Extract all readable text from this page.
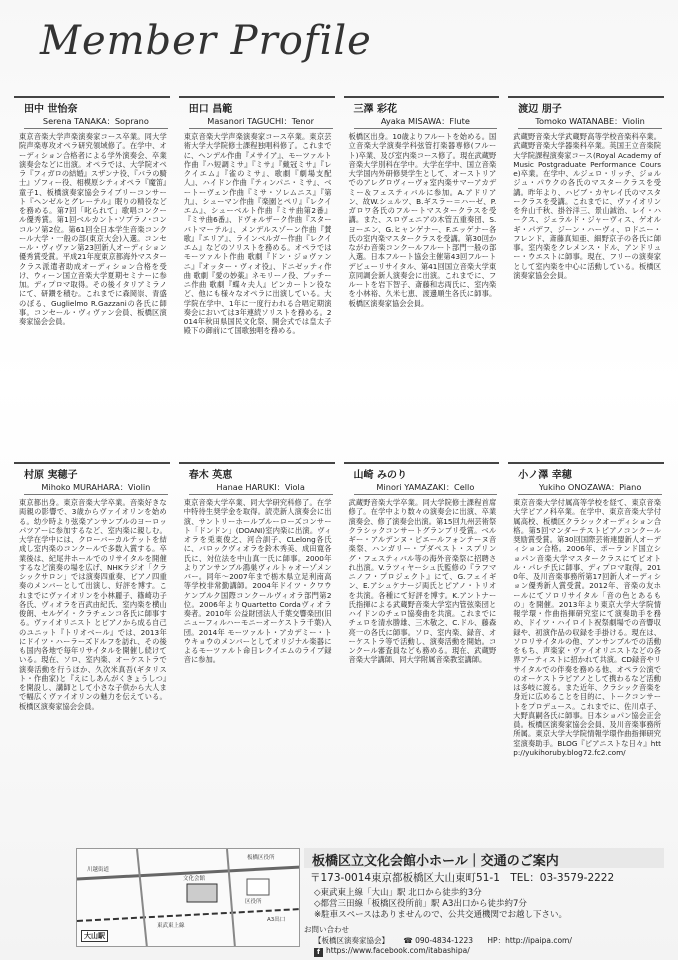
Member Profile
田中 世怡奈
Serena TANAKA：Soprano
東京音楽大学声楽演奏家コース卒業。同大学院声楽専攻オペラ研究領域修了。在学中、オーディション合格者による学外演奏会、卒業演奏会などに出演。オペラでは、大学院オペラ『フィガロの結婚』スザンナ役、『バラの騎士』ゾフィー役、相模原シティオペラ『魔笛』童子1、板橋演奏家協会ライブリーコンサート『ヘンゼルとグレーテル』眠りの精役などを務める。第7回「叱られて」歌唱コンクール優秀賞。第1回ベルカント･ソプラノ･コンコルソ第2位。第61回全日本学生音楽コンクール大学・一般の部(東京大会)入選。コンセール・ヴィヴァン第23回新人オーディション優秀賞受賞。平成21年度東京都海外マスタークラス派遣者助成オーディション合格を受け、ウィーン国立音楽大学夏期セミナーに参加。ディプロマ取得。その後イタリアミラノにて、研鑽を積む。これまでに森岡崇、青盛のぼる、Guglielmo R.Gazzaniの各氏に師事。コンセール・ヴィヴァン会員、板橋区演奏家協会会員。
田口 昌範
Masanori TAGUCHI：Tenor
東京音楽大学声楽演奏家コース卒業。東京芸術大学大学院修士課程独唱科修了。これまでに、ヘンデル作曲『メサイア』、モーツァルト作曲『ハ短調ミサ』『ミサ』『戴冠ミサ』『レクイエム』『雀のミサ』、歌劇『劇場支配人』、ハイドン作曲『ティンパニ・ミサ』、ベートーヴェン作曲『ミサ・ソレムニス』『第九』、シューマン作曲『楽園とペリ』『レクイエム』、シューベルト作曲『ミサ曲第2番』『ミサ曲6番』、ドヴォルザーク作曲『スターバトマーテル』、メンデルスゾーン作曲『賛歌』『エリア』、ラインベルガー作曲『レクイエム』などのソリストを務める。オペラではモーツァルト作曲 歌劇『ドン・ジョヴァンニ』『オッター・ヴィオ役』、ドニゼッティ作曲 歌劇『愛の妙薬』ネモリーノ役、プッチーニ作曲 歌劇『蝶々夫人』ピンカートン役など、他にも様々なオペラに出演している。大学院在学中、1年に一度行われる合唱定期演奏会においては3年連続ソリストを務める。2014年秋田県国民文化祭、開会式では皇太子殿下の御前にて国歌独唱を務める。
三澤 彩花
Ayaka MISAWA：Flute
板橋区出身。10歳よりフルートを始める。国立音楽大学演奏学科弦管打楽器専修(フルート)卒業、及び室内楽コース修了。現在武蔵野音楽大学別科在学中。大学在学中、国立音楽大学国内外研修奨学生として、オーストリアでのアレグロヴィーヴォ室内楽サマーアカデミー＆フェスティバルに参加。A.アドリアン、故W.シュルツ、B.ギスラー＝ハーゼ、P.ガロワ各氏のフルートマスタークラスを受講。また、スロヴェニアの木管五重奏団、S.ヨーエン、G.ヒャンゲナー、F.エッゲナー各氏の室内楽マスタークラスを受講。第30回かながわ音楽コンクールフルート部門一般の部入選。日本フルート協会主催第43回フルートデビューリサイタル、第41回国立音楽大学東京同調会新人演奏会に出演。これまでに、フルートを岩下智子、斎藤和志両氏に、室内楽を小林裕、久米七恵、渡邊順生各氏に師事。板橋区演奏家協会会員。
渡辺 朋子
Tomoko WATANABE：Violin
武蔵野音楽大学武蔵野高等学校音楽科卒業。武蔵野音楽大学器楽科卒業。英国王立音楽院大学院課程演奏家コース(Royal Academy of Music Postgraduate Performance Course)卒業。在学中、ルジェロ・リッチ、ジョルジュ・パウクの各氏のマスタークラスを受講。昨年より、ハビブ・カヤレイ氏のマスタークラスを受講。これまでに、ヴァイオリンを弁山千秋、掛谷洋三、景山誠治、レイ・ハークス、ジェラルド・ジャーヴィス、ゲオルギ・パデフ、ジーン・ハーヴィ、ロドニー・フレンド、斎藤真知亜、細野京子の各氏に師事。室内楽をクレメンス・ドル、アンドリュー・ウエストに師事。現在、フリーの演奏家として室内楽を中心に活動している。板橋区演奏家協会会員。
村原 実穂子
Mihoko MURAHARA：Violin
東京都出身。東京音楽大学卒業。音楽好きな両親の影響で、3歳からヴァイオリンを始める。幼少時より弦楽アンサンブルのヨーロッパツアーに参加するなど、室内楽に親しむ。大学在学中には、クローバーカルテットを結成し室内楽のコンクールで多数入賞する。卒業後は、紀尾井ホールでのリサイタルを開催するなど演奏の場を広げ、NHKラジオ「クラシックサロン」では演奏四重奏、ピアノ四重奏のメンバーとして出演し、好評を博す。これまでにヴァイオリンを小林麗子、篠崎功子各氏、ヴィオラを百武由紀氏、室内楽を横山俊朗、セルゲイ・クラチェンコ各氏に師事する。ヴァイオリニスト とピアノから成る自己のユニット『トリオベール』では、2013年にドイツ・ハーラーズドルフを訪れ、その後も国内各地で毎年リサイタルを開催し続けている。現在、ソロ、室内楽、オーケストラで演奏活動を行うほか、久次米真吾(ギタリスト・作曲家)と『えにしあんがくきょうしつ』を開設し、講師として小さな子供から大人まで幅広くヴァイオリンの魅力を伝えている。板橋区演奏家協会会員。
春木 英恵
Hanae HARUKI：Viola
東京音楽大学卒業、同大学研究科修了。在学中特待生奨学金を取得。読売新人演奏会に出演、サントリーホールブルーローズコンサート「ドンドン」(DOANI)室内楽に出演。ヴィオラを兎東俊之、河合訓子、CLelong各氏に、バロックヴィオラを鈴木秀美、成田寛各氏に、対位法を中山真一氏に師事。2000年よりアンサンブル鴻巣ヴィルトゥオーゾメンバー。同年〜2007年まで栃木県立足利南高等学校非常勤講師。2004年ドイツ・クワウケンブルク国際コンクールヴィオラ部門第2位。2006年よりQuartetto Cordaヴィオラ奏者。2010年 公益財団法人千葉交響楽団(旧ニューフィルハーモニーオーケストラ千葉)入団。2014年 モーツァルト・アカデミー・トウキョウのメンバーとしてオリジナル楽器によるモーツァルト命日レクイエムのライブ録音に参加。
山崎 みのり
Minori YAMAZAKI：Cello
武蔵野音楽大学卒業。同大学院修士課程首席修了。在学中より数々の演奏会に出演、卒業演奏会、修了演奏会出演。第15回九州芸術祭クラシックコンサートグランプリ受賞。ベルギー・アルデンヌ・ピエールフォンテーヌ音楽祭、ハンガリー・プダペスト・スプリング・フェスティバル等の海外音楽祭に招聘され出演。V.ラツィヤーシュ氏監修の『ラフマニノフ・プロジェクト』にて、G.フェイギン、E.アシュケナージ両氏とピアノ・トリオを共演。各種にて好評を博す。K.アントナー氏指揮による武蔵野音楽大学室内管弦楽団とハイドンのチェロ協奏曲を共演。これまでにチェロを清水勝雄、三木敬之、C.ドル、藤森亮一の各氏に師事。ソロ、室内楽、録音、オーケストラ等で活動し、演奏活動を開始。コンクール審査員なども務める。現在、武蔵野音楽大学講師、同大学附属音楽教室講師。
小ノ澤 幸穂
Yukiho ONOZAWA：Piano
東京音楽大学付属高等学校を経て、東京音楽大学ピアノ科卒業。在学中、東京音楽大学付属高校、板橋区クラシックオーディション合格。第5回マンダーテストピアノコンクール奨励賞受賞。第30回国際芸術連盟新人オーディション合格。2006年、ポーランド国立ショパン音楽大学マスタークラスにてピオトル・パレチ氏に師事、ディプロマ取得。2010年、及川音楽事務所第17回新人オーディション優秀新人賞受賞。2012年、音楽の友ホールにてソロリサイタル「音の色とあるもの」を開催。2013年より東京大学大学院情報学環・作曲指揮研究室にて演奏助手を務め、ドイツ・ハイロイト祝祭劇場での音響収録や、初演作品の収録を手掛ける。現在は、ソロリサイタルの他、アンサンブルでの活動をもち、声楽家・ヴァイオリニストなどの各界アーティストに招かれて共演。CD録音やリサイタルでの伴奏を務める他、オペラ公演でのオーケストラピアノとして携わるなど活動は多岐に渡る。また近年、クラシック音楽を身近に広めることを目的に、トークコンサートをプロデュース。これまでに、佐川卓子、大野真嗣各氏に師事。日本ショパン協会正会員。板橋区演奏家協会会員、及川音楽事務所所属。東京大学大学院情報学環作曲指揮研究室演奏助手。BLOG『ピアニストな日々』http://yukihoruby.blog72.fc2.com/
文化会館
区役所
板橋区役所
A3出口
川越街道
東武東上線
大山駅
板橋区立文化会館小ホール｜交通のご案内
〒173-0014東京都板橋区大山東町51-1　TEL：03-3579-2222
◇東武東上線「大山」駅 北口から徒歩約3分
◇都営三田線「板橋区役所前」駅 A3出口から徒歩約7分
※駐車スペースはありませんので、公共交通機関でお越し下さい。
お問い合わせ
【板橋区演奏家協会】 ☎ 090-4834-1223 HP：http://ipaipa.com/
f https://www.facebook.com/itabashipa/
